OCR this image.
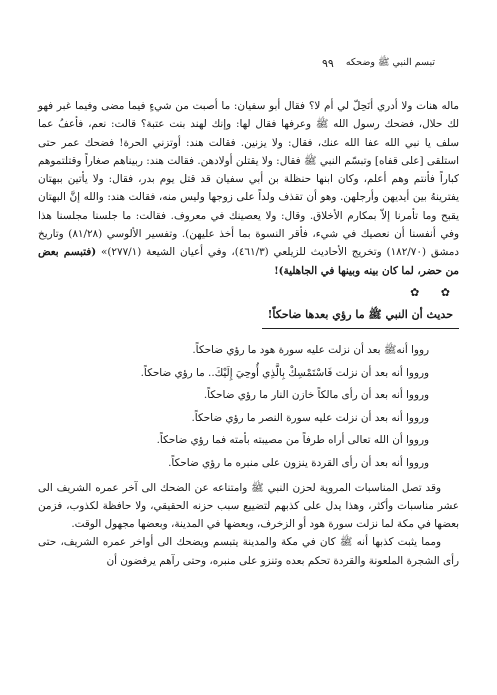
تبسم النبي ﷺ وضحكه
٩٩

ماله هنات ولا أدري أنَحِلّ لي أم لا؟ فقال أبو سفيان: ما أصبت من شيءٍ فيما مضى وفيما غبر فهو لك حلال، فضحك رسول الله ﷺ وعرفها فقال لها: وإنك لهند بنت عتبة؟ قالت: نعم، فأعفُ عما سلف يا نبي الله عفا الله عنك، فقال: ولا يزنين. فقالت هند: أوتزني الحرة! فضحك عمر حتى استلقى [على قفاه] وتبسّم النبي ﷺ فقال: ولا يقتلن أولادهن. فقالت هند: ربيناهم صغاراً وقتلتموهم كباراً فأنتم وهم أعلم، وكان ابنها حنظلة بن أبي سفيان قد قتل يوم بدر، فقال: ولا يأتين ببهتان يفترينهُ بين أيديهن وأرجلهن. وهو أن تقذف ولداً على زوجها وليس منه، فقالت هند: والله إنَّ البهتان يقبح وما تأمرنا إلاّ بمكارم الأخلاق. وقال: ولا يعصينك في معروف. فقالت: ما جلسنا مجلسنا هذا وفي أنفسنا أن نعصيك في شيء، فأقر النسوة بما أخذ عليهن). وتفسير الألوسي (٨١/٢٨) وتاريخ دمشق (١٨٢/٧٠) وتخريج الأحاديث للزيلعي (٤٦١/٣)، وفي أعيان الشيعة (٢٧٧/١)» (فتبسم بعض من حضر، لما كان بينه وبينها في الجاهلية)!

✿ ✿
حديث أن النبي ﷺ ما رؤي بعدها ضاحكاً!
رووا أنهﷺ بعد أن نزلت عليه سورة هود ما رؤي ضاحكاً.
ورووا أنه بعد أن نزلت فَاسْتَمْسِكْ بِالَّذِي أُوحِيَ إِلَيْكَ.. ما رؤي ضاحكاً.
ورووا أنه بعد أن رأى مالكاً خازن النار ما رؤي ضاحكاً.
ورووا أنه بعد أن نزلت عليه سورة النصر ما رؤي ضاحكاً.
ورووا أن الله تعالى أراه طرفاً من مصيبته بأمته فما رؤي ضاحكاً.
ورووا أنه بعد أن رأى القردة ينزون على منبره ما رؤي ضاحكاً.

وقد تصل المناسبات المروية لحزن النبي ﷺ وامتناعه عن الضحك الى آخر عمره الشريف الى عشر مناسبات وأكثر، وهذا يدل على كذبهم لتضييع سبب حزنه الحقيقي، ولا حافظة لكذوب، فزمن بعضها في مكة لما نزلت سورة هود أو الزخرف، وبعضها في المدينة، وبعضها مجهول الوقت.

ومما يثبت كذبها أنه ﷺ كان في مكة والمدينة يتبسم ويضحك الى أواخر عمره الشريف، حتى رأى الشجرة الملعونة والقردة تحكم بعده وتنزو على منبره، وحتى رآهم يرفضون أن
